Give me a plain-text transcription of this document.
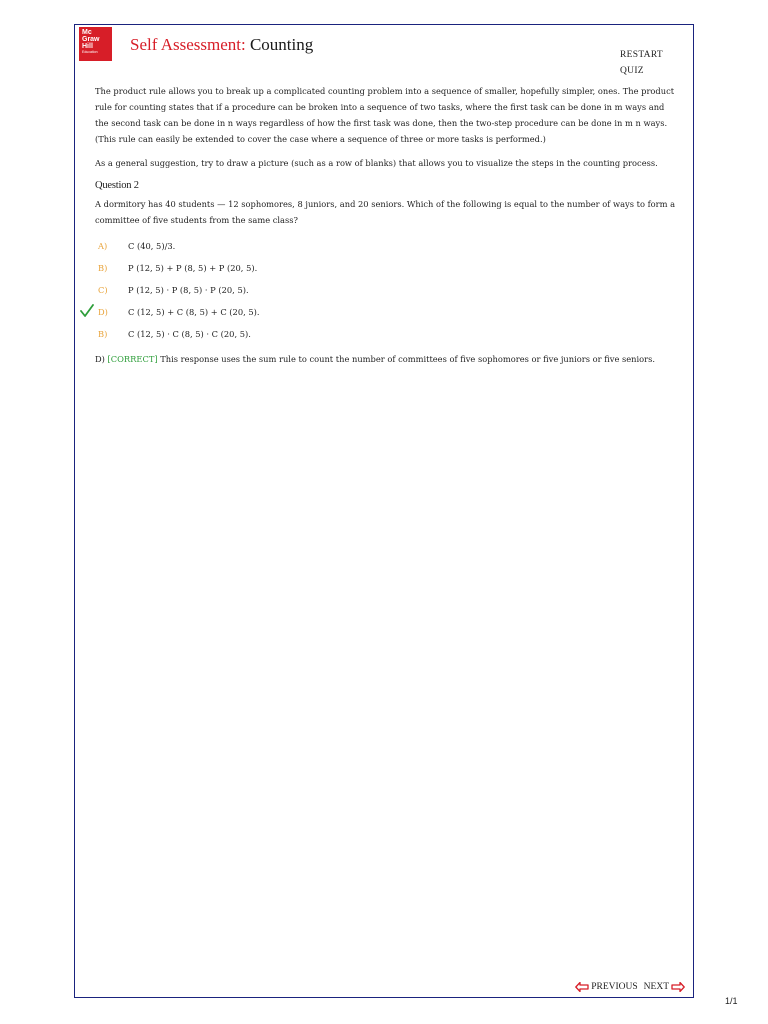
Mc
Graw
Hill
Education	Self Assessment: Counting
RESTART
QUIZ

The product rule allows you to break up a complicated counting problem into a sequence of smaller, hopefully simpler, ones. The product rule for counting states that if a procedure can be broken into a sequence of two tasks, where the first task can be done in m ways and the second task can be done in n ways regardless of how the first task was done, then the two-step procedure can be done in m n ways. (This rule can easily be extended to cover the case where a sequence of three or more tasks is performed.)

As a general suggestion, try to draw a picture (such as a row of blanks) that allows you to visualize the steps in the counting process.

Question 2
A dormitory has 40 students — 12 sophomores, 8 juniors, and 20 seniors. Which of the following is equal to the number of ways to form a committee of five students from the same class?
A)	C (40, 5)/3.
B) P (12, 5) + P (8, 5) + P (20, 5).
C) P (12, 5) · P (8, 5) · P (20, 5).
D) C (12, 5) + C (8, 5) + C (20, 5).
B) C (12, 5) · C (8, 5) · C (20, 5).
D) [CORRECT] This response uses the sum rule to count the number of committees of five sophomores or five juniors or five seniors.
PREVIOUS NEXT
1/1
